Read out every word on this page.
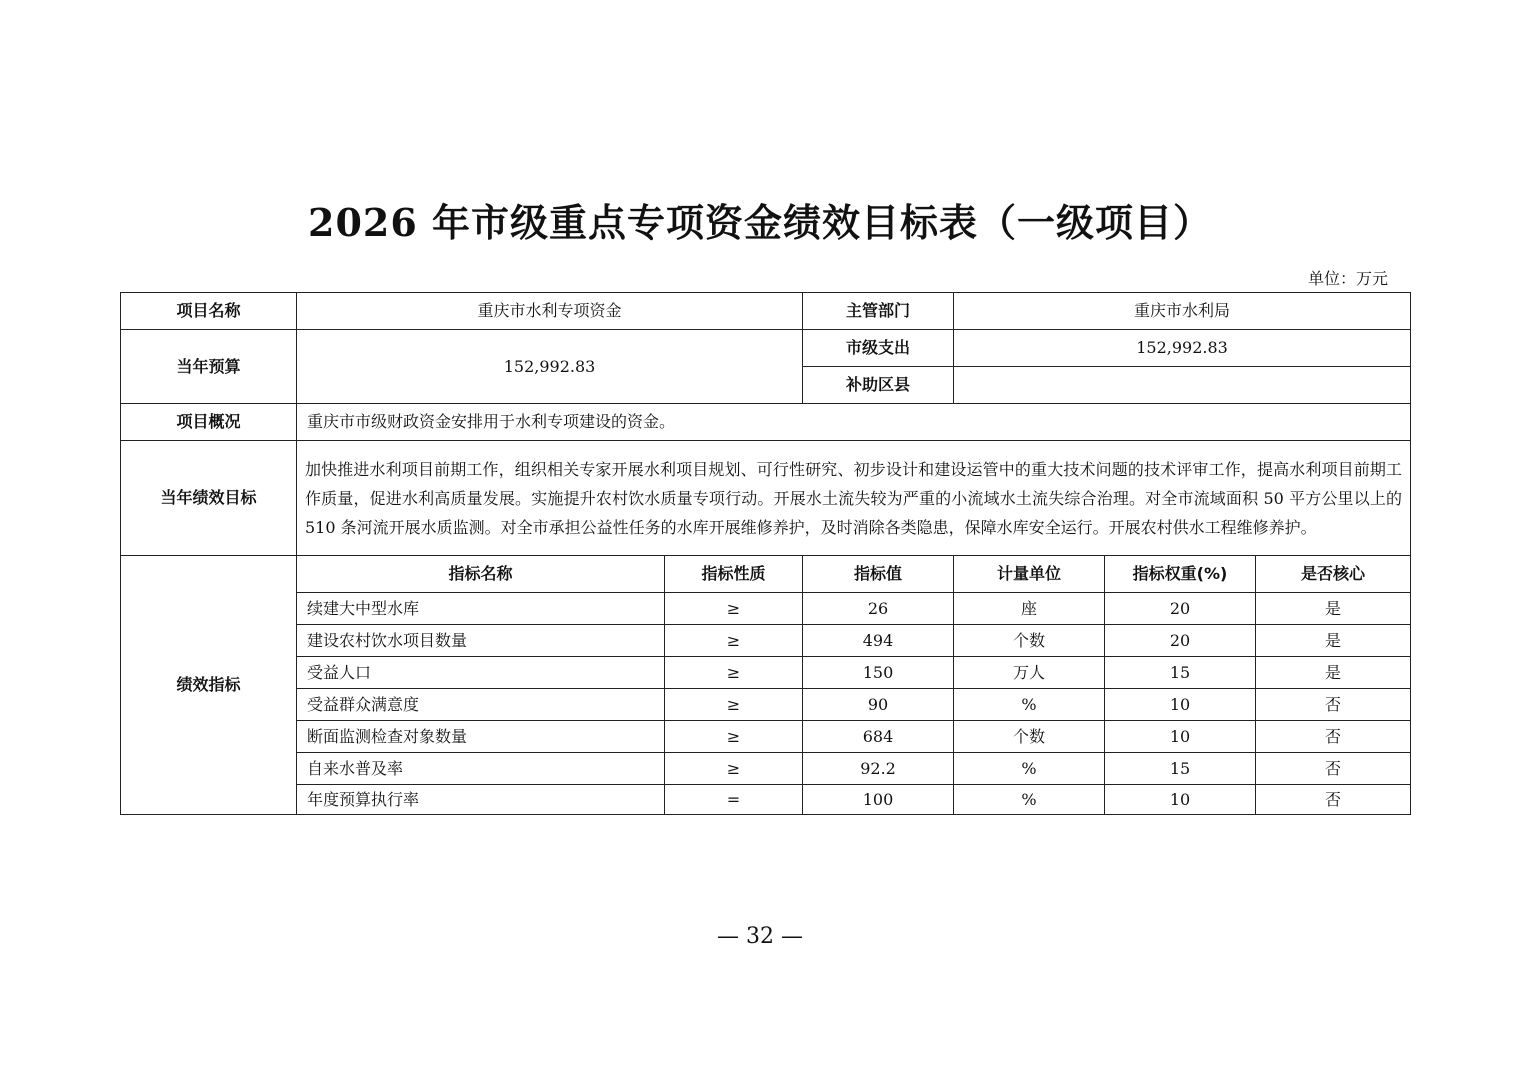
2026 年市级重点专项资金绩效目标表（一级项目）
单位：万元
项目名称	重庆市水利专项资金		主管部门	重庆市水利局		
当年预算	152,992.83		市级支出	152,992.83		
			补助区县			
项目概况	重庆市市级财政资金安排用于水利专项建设的资金。					
当年绩效目标	加快推进水利项目前期工作，组织相关专家开展水利项目规划、可行性研究、初步设计和建设运管中的重大技术问题的技术评审工作，提高水利项目前期工作质量，促进水利高质量发展。实施提升农村饮水质量专项行动。开展水土流失较为严重的小流域水土流失综合治理。对全市流域面积 50 平方公里以上的 510 条河流开展水质监测。对全市承担公益性任务的水库开展维修养护，及时消除各类隐患，保障水库安全运行。开展农村供水工程维修养护。					
绩效指标	指标名称	指标性质	指标值	计量单位	指标权重(%)	是否核心
	续建大中型水库	≥	26	座	20	是
	建设农村饮水项目数量	≥	494	个数	20	是
	受益人口	≥	150	万人	15	是
	受益群众满意度	≥	90	%	10	否
	断面监测检查对象数量	≥	684	个数	10	否
	自来水普及率	≥	92.2	%	15	否
	年度预算执行率	=	100	%	10	否
— 32 —
